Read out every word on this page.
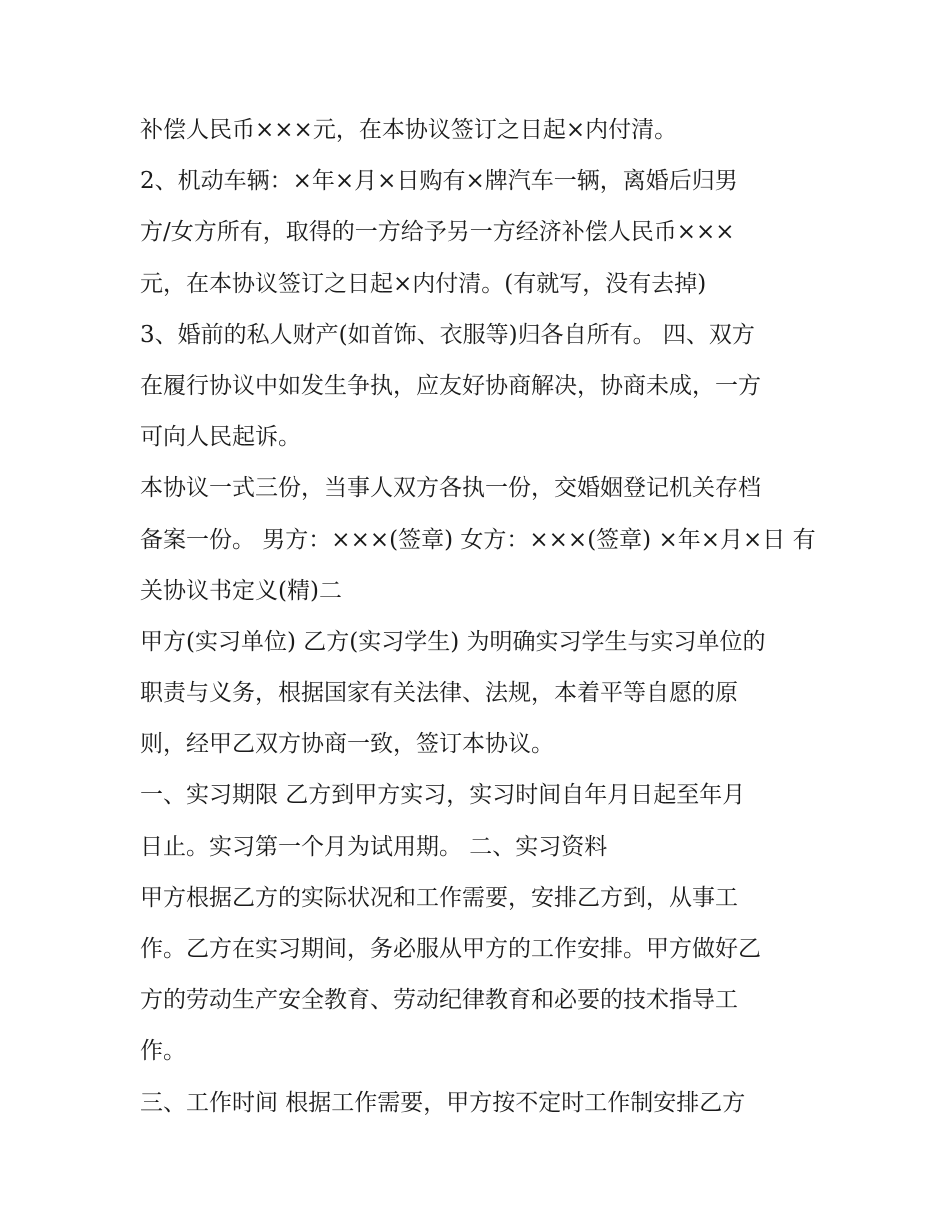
补偿人民币×××元，在本协议签订之日起×内付清。
2、机动车辆：×年×月×日购有×牌汽车一辆，离婚后归男
方/女方所有，取得的一方给予另一方经济补偿人民币×××
元，在本协议签订之日起×内付清。(有就写，没有去掉)
3、婚前的私人财产(如首饰、衣服等)归各自所有。 四、双方
在履行协议中如发生争执，应友好协商解决，协商未成，一方
可向人民起诉。
本协议一式三份，当事人双方各执一份，交婚姻登记机关存档
备案一份。 男方：×××(签章) 女方：×××(签章) ×年×月×日 有
关协议书定义(精)二
甲方(实习单位) 乙方(实习学生) 为明确实习学生与实习单位的
职责与义务，根据国家有关法律、法规，本着平等自愿的原
则，经甲乙双方协商一致，签订本协议。
一、实习期限 乙方到甲方实习，实习时间自年月日起至年月
日止。实习第一个月为试用期。 二、实习资料
甲方根据乙方的实际状况和工作需要，安排乙方到，从事工
作。乙方在实习期间，务必服从甲方的工作安排。甲方做好乙
方的劳动生产安全教育、劳动纪律教育和必要的技术指导工
作。
三、工作时间 根据工作需要，甲方按不定时工作制安排乙方
